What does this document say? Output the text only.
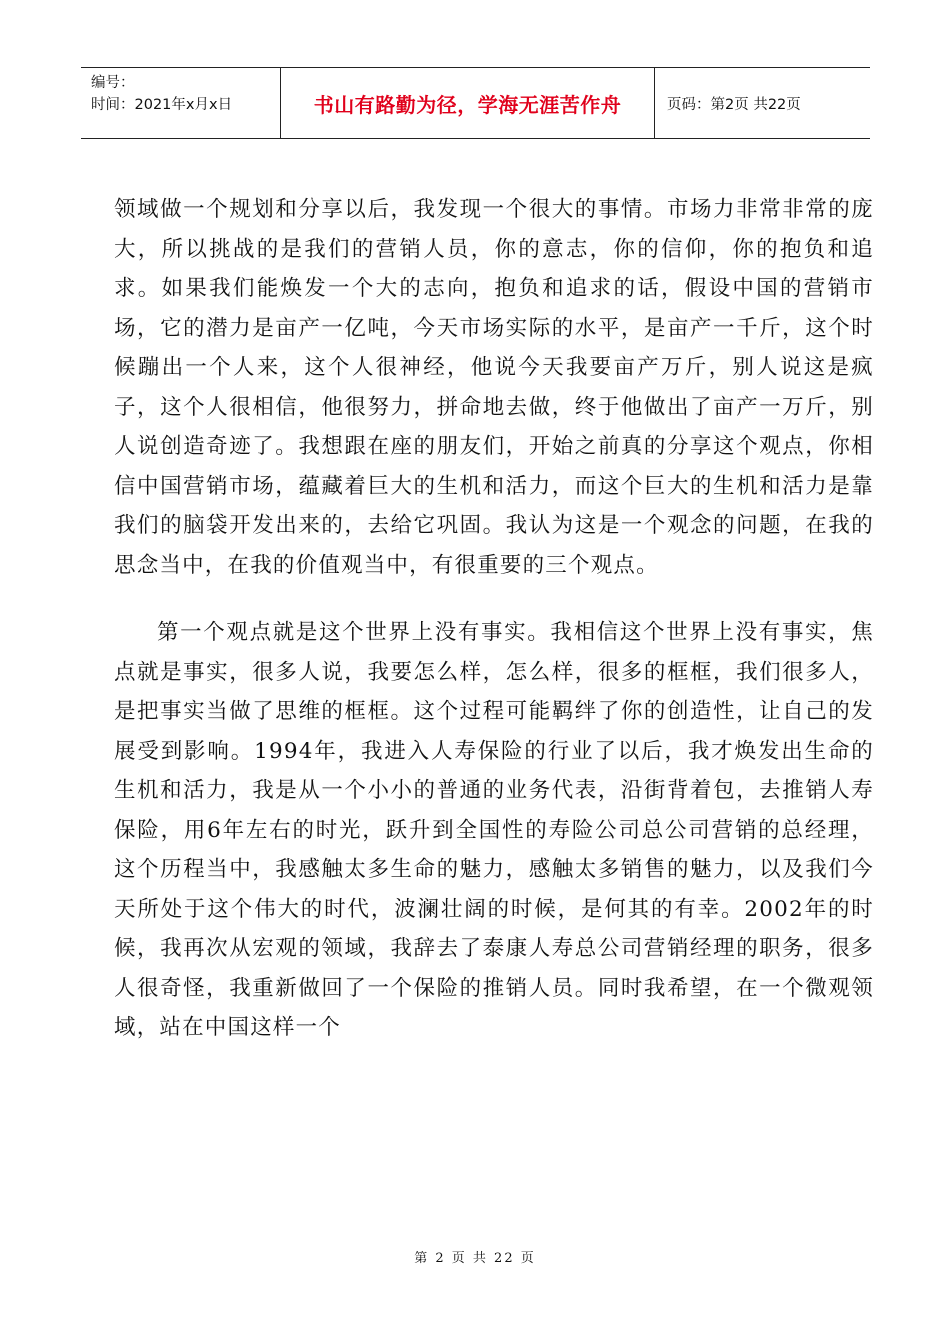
编号：
时间：2021年x月x日	书山有路勤为径，学海无涯苦作舟	页码：第2页 共22页

领域做一个规划和分享以后，我发现一个很大的事情。市场力非常非常的庞大，所以挑战的是我们的营销人员，你的意志，你的信仰，你的抱负和追求。如果我们能焕发一个大的志向，抱负和追求的话，假设中国的营销市场，它的潜力是亩产一亿吨，今天市场实际的水平，是亩产一千斤，这个时候蹦出一个人来，这个人很神经，他说今天我要亩产万斤，别人说这是疯子，这个人很相信，他很努力，拼命地去做，终于他做出了亩产一万斤，别人说创造奇迹了。我想跟在座的朋友们，开始之前真的分享这个观点，你相信中国营销市场，蕴藏着巨大的生机和活力，而这个巨大的生机和活力是靠我们的脑袋开发出来的，去给它巩固。我认为这是一个观念的问题，在我的思念当中，在我的价值观当中，有很重要的三个观点。

第一个观点就是这个世界上没有事实。我相信这个世界上没有事实，焦点就是事实，很多人说，我要怎么样，怎么样，很多的框框，我们很多人，是把事实当做了思维的框框。这个过程可能羁绊了你的创造性，让自己的发展受到影响。1994年，我进入人寿保险的行业了以后，我才焕发出生命的生机和活力，我是从一个小小的普通的业务代表，沿街背着包，去推销人寿保险，用6年左右的时光，跃升到全国性的寿险公司总公司营销的总经理，这个历程当中，我感触太多生命的魅力，感触太多销售的魅力，以及我们今天所处于这个伟大的时代，波澜壮阔的时候，是何其的有幸。2002年的时候，我再次从宏观的领域，我辞去了泰康人寿总公司营销经理的职务，很多人很奇怪，我重新做回了一个保险的推销人员。同时我希望，在一个微观领域，站在中国这样一个

第 2 页 共 22 页
